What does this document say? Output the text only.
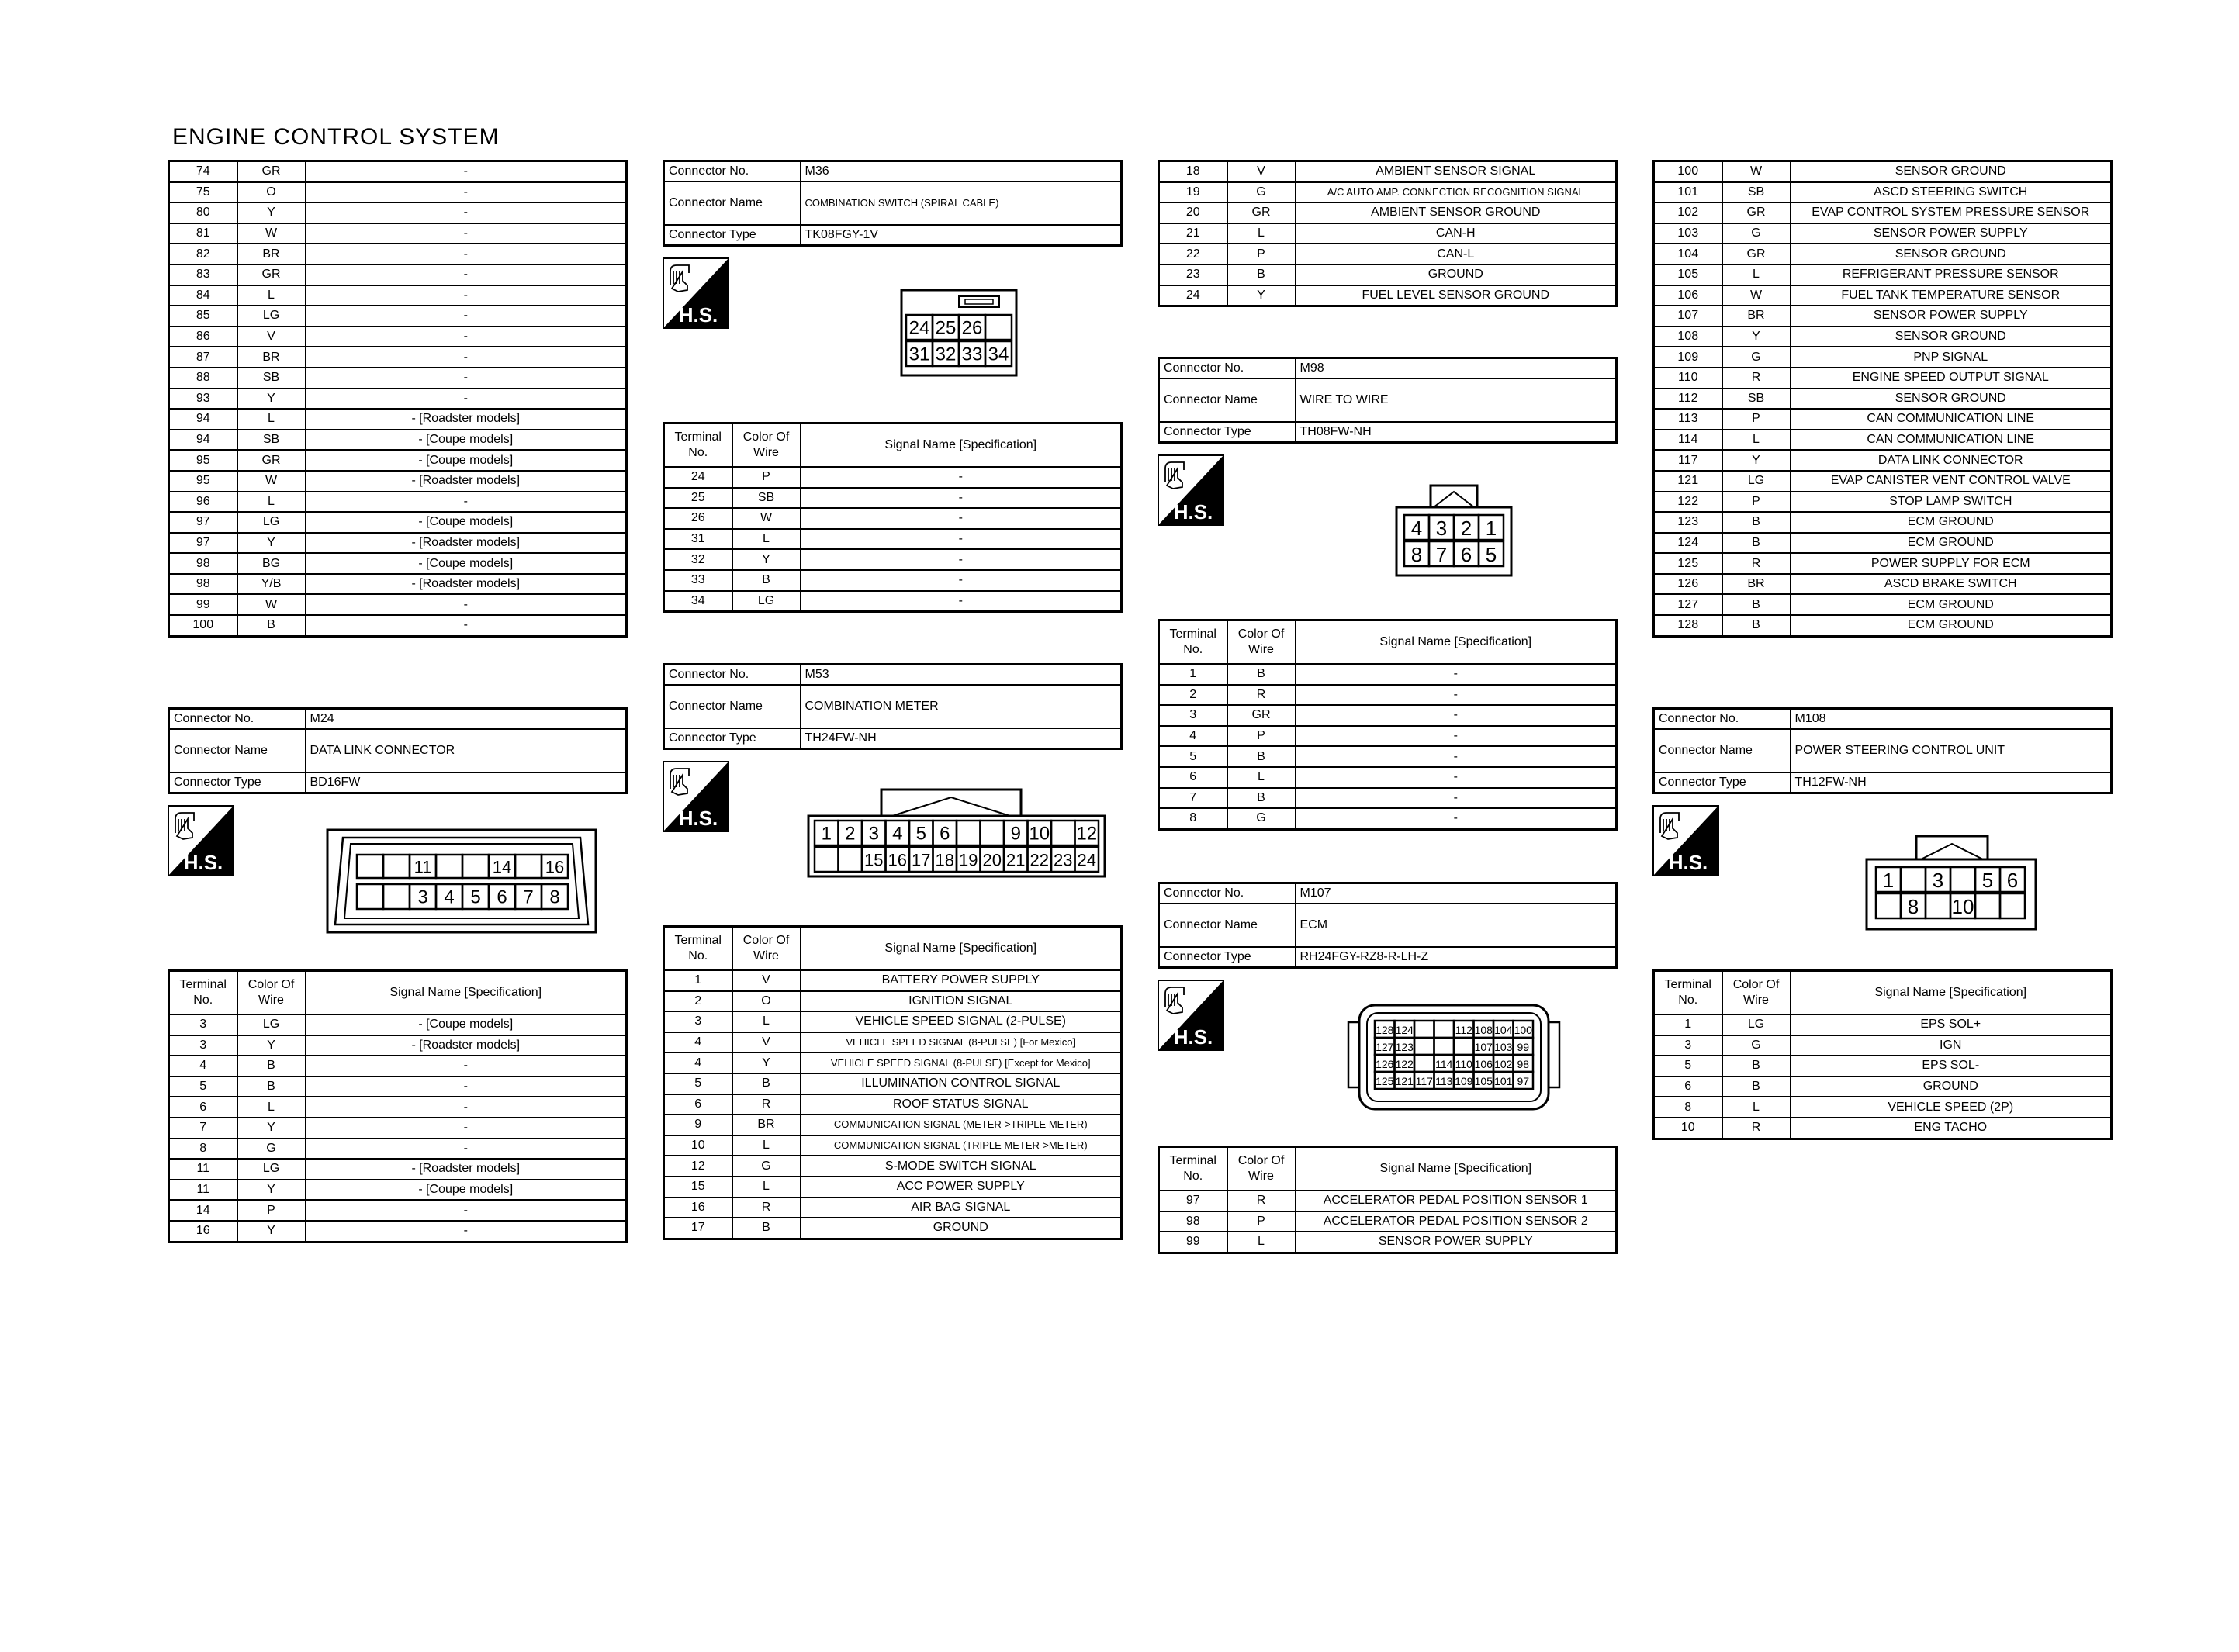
ENGINE CONTROL SYSTEM
74	GR	-
75	O	-
80	Y	-
81	W	-
82	BR	-
83	GR	-
84	L	-
85	LG	-
86	V	-
87	BR	-
88	SB	-
93	Y	-
94	L	- [Roadster models]
94	SB	- [Coupe models]
95	GR	- [Coupe models]
95	W	- [Roadster models]
96	L	-
97	LG	- [Coupe models]
97	Y	- [Roadster models]
98	BG	- [Coupe models]
98	Y/B	- [Roadster models]
99	W	-
100	B	-
Connector No.	M24
Connector Name	DATA LINK CONNECTOR
Connector Type	BD16FW
H.S.	11	14 16
3 4 5 6 7 8
Terminal No.	Color Of Wire	Signal Name [Specification]
3	LG	- [Coupe models]
3	Y	- [Roadster models]
4	B	-
5	B	-
6	L	-
7	Y	-
8	G	-
11	LG	- [Roadster models]
11	Y	- [Coupe models]
14	P	-
16	Y	-
Connector No.	M36
Connector Name	COMBINATION SWITCH (SPIRAL CABLE)
Connector Type	TK08FGY-1V
H.S.
24 25 26
31 32 33 34
Terminal No.	Color Of Wire	Signal Name [Specification]
24	P	-
25	SB	-
26	W	-
31	L	-
32	Y	-
33	B	-
34	LG	-
Connector No.	M53
Connector Name	COMBINATION METER
Connector Type	TH24FW-NH
H.S.
1 2 3 4 5 6	9 10 12
15 16 17 18 19 20 21 22 23 24
Terminal No.	Color Of Wire	Signal Name [Specification]
1	V	BATTERY POWER SUPPLY
2	O	IGNITION SIGNAL
3	L	VEHICLE SPEED SIGNAL (2-PULSE)
4	V	VEHICLE SPEED SIGNAL (8-PULSE) [For Mexico]
4	Y	VEHICLE SPEED SIGNAL (8-PULSE) [Except for Mexico]
5	B	ILLUMINATION CONTROL SIGNAL
6	R	ROOF STATUS SIGNAL
9	BR	COMMUNICATION SIGNAL (METER->TRIPLE METER)
10	L	COMMUNICATION SIGNAL (TRIPLE METER->METER)
12	G	S-MODE SWITCH SIGNAL
15	L	ACC POWER SUPPLY
16	R	AIR BAG SIGNAL
17	B	GROUND
18	V	AMBIENT SENSOR SIGNAL
19	G	A/C AUTO AMP. CONNECTION RECOGNITION SIGNAL
20	GR	AMBIENT SENSOR GROUND
21	L	CAN-H
22	P	CAN-L
23	B	GROUND
24	Y	FUEL LEVEL SENSOR GROUND
Connector No.	M98
Connector Name	WIRE TO WIRE
Connector Type	TH08FW-NH
H.S.
4 3 2 1
8 7 6 5
Terminal No.	Color Of Wire	Signal Name [Specification]
1	B	-
2	R	-
3	GR	-
4	P	-
5	B	-
6	L	-
7	B	-
8	G	-
Connector No.	M107
Connector Name	ECM
Connector Type	RH24FGY-RZ8-R-LH-Z
H.S.	128 124	112 108 104 100
127 123	107 103 99
126 122 114 110 106 102 98
125 121 117 113 109 105 101 97
Terminal No.	Color Of Wire	Signal Name [Specification]
97	R	ACCELERATOR PEDAL POSITION SENSOR 1
98	P	ACCELERATOR PEDAL POSITION SENSOR 2
99	L	SENSOR POWER SUPPLY
100	W	SENSOR GROUND
101	SB	ASCD STEERING SWITCH
102	GR	EVAP CONTROL SYSTEM PRESSURE SENSOR
103	G	SENSOR POWER SUPPLY
104	GR	SENSOR GROUND
105	L	REFRIGERANT PRESSURE SENSOR
106	W	FUEL TANK TEMPERATURE SENSOR
107	BR	SENSOR POWER SUPPLY
108	Y	SENSOR GROUND
109	G	PNP SIGNAL
110	R	ENGINE SPEED OUTPUT SIGNAL
112	SB	SENSOR GROUND
113	P	CAN COMMUNICATION LINE
114	L	CAN COMMUNICATION LINE
117	Y	DATA LINK CONNECTOR
121	LG	EVAP CANISTER VENT CONTROL VALVE
122	P	STOP LAMP SWITCH
123	B	ECM GROUND
124	B	ECM GROUND
125	R	POWER SUPPLY FOR ECM
126	BR	ASCD BRAKE SWITCH
127	B	ECM GROUND
128	B	ECM GROUND
Connector No.	M108
Connector Name	POWER STEERING CONTROL UNIT
Connector Type	TH12FW-NH
H.S.
1 3 5 6
8 10
Terminal No.	Color Of Wire	Signal Name [Specification]
1	LG	EPS SOL+
3	G	IGN
5	B	EPS SOL-
6	B	GROUND
8	L	VEHICLE SPEED (2P)
10	R	ENG TACHO
